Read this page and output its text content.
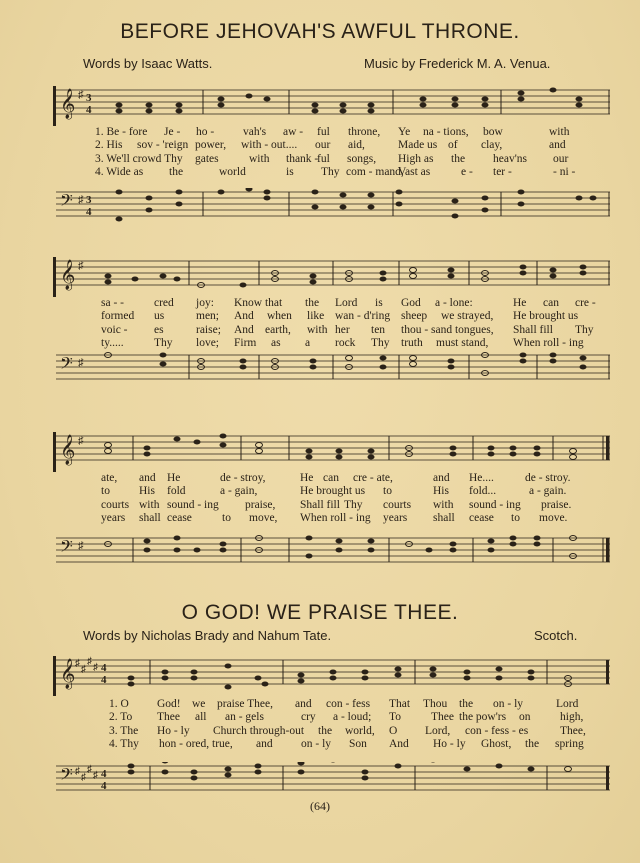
BEFORE JEHOVAH'S AWFUL THRONE.
Words by Isaac Watts.	Music by Frederick M. A. Venua.
𝄞 ♯ 3
4
1. Be - fore Je - ho -	vah's aw - ful throne, Ye na - tions, bow	with
2. His sov - 'reign power, with - out.... our aid,	Made us of clay,	and
3. We'll crowd Thy gates	with thank -
ful songs, High as the heav'ns our
4. Wide as the	world	is Thy com - mand,
Vast as	e - ter -	- ni -
𝄢 ♯ 3
4
𝄞 ♯
sa - -	cred joy: Know that the Lord is God a - lone:	He can cre -
formed us	men; And when like wan - d'ring sheep we strayed, He brought us
voic - es	raise; And earth, with her ten thou - sand tongues, Shall fill Thy
ty.....	Thy love; Firm as a rock Thy truth must stand, When roll - ing
𝄢 ♯
𝄞 ♯
ate, and He	de - stroy,	He can cre - ate,	and He....	de - stroy.
to	His fold	a - gain,	He brought us to	His fold...	a - gain.
courts with sound - ing praise, Shall fill Thy courts with sound - ing praise.
years shall cease	to move, When roll - ing years shall cease to move.
𝄢 ♯
O GOD! WE PRAISE THEE.
Words by Nicholas Brady and Nahum Tate.	Scotch.
𝄞 ♯
♯
♯
♯ 4
4
1. O God! we praise Thee, and con - fess That Thou the on - ly	Lord
2. To Thee all an - gels	cry a - loud; To	Thee the pow'rs on	high,
3. The Ho - ly Church through-out the world, O Lord, con - fess - es	Thee,
4. Thy hon - ored, true, and on - ly Son And Ho - ly Ghost, the spring
𝄢 ♯
♯
♯
♯ 4
4
(64)
